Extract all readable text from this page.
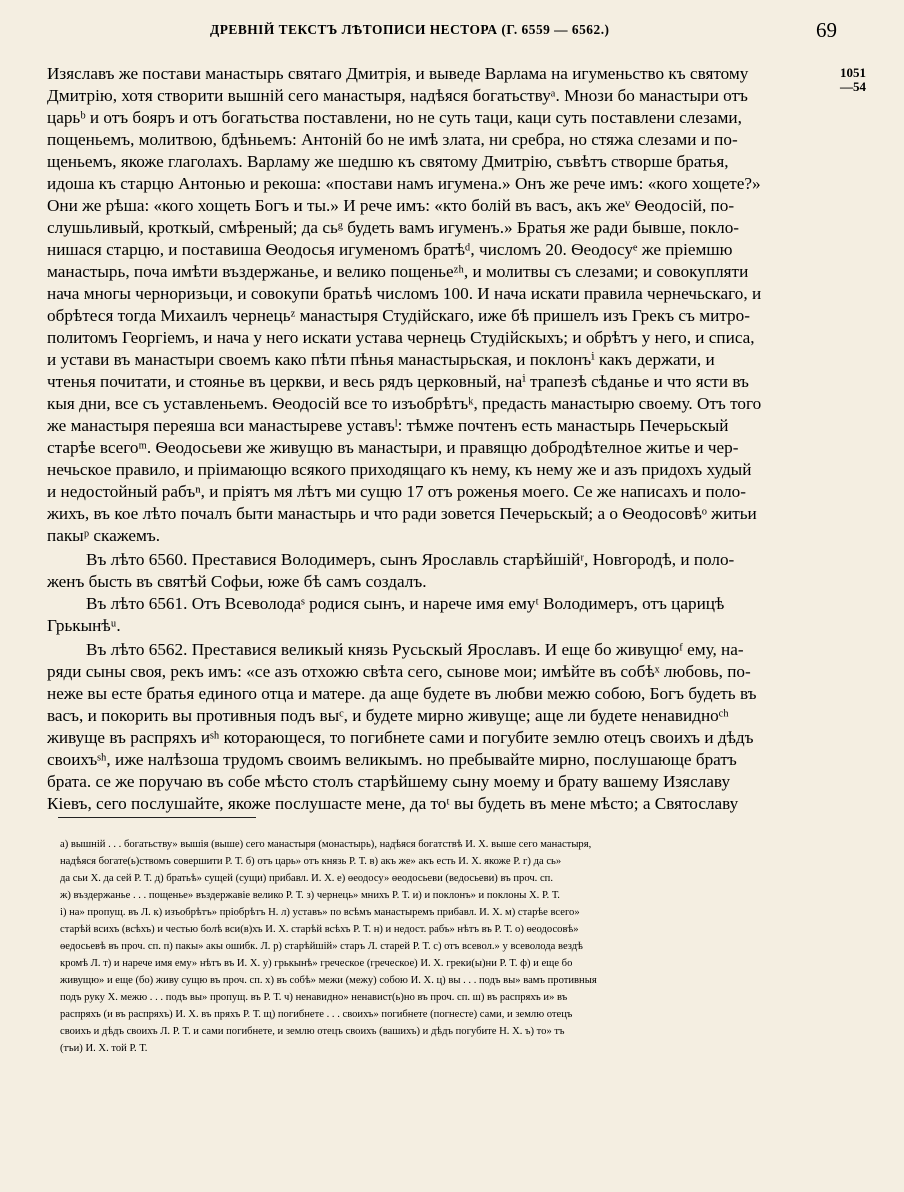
ДРЕВНІЙ ТЕКСТЪ ЛѢТОПИСИ НЕСТОРА (Г. 6559 — 6562.)	69
1051
—54
Изяславъ же постави манастырь святаго Дмитрія, и выведе Варлама на игуменьство къ святому
Дмитрію, хотя створити вышній сего манастыря, надѣяся богатьствуᵃ. Мнози бо манастыри отъ
царьᵇ и отъ бояръ и отъ богатьства поставлени, но не суть таци, каци суть поставлени слезами,
пощеньемъ, молитвою, бдѣньемъ: Антоній бо не имѣ злата, ни сребра, но стяжа слезами и по-
щеньемъ, якоже глаголахъ. Варламу же шедшю къ святому Дмитрію, съвѣтъ створше братья,
идоша къ старцю Антонью и рекоша: «постави намъ игумена.» Онъ же рече имъ: «кого хощете?»
Они же рѣша: «кого хощеть Богъ и ты.» И рече имъ: «кто болій въ васъ, акъ жеᵛ Ѳеодосій, по-
слушьливый, кроткый, смѣреный; да сьᵍ будеть вамъ игуменъ.» Братья же ради бывше, покло-
нишася старцю, и поставиша Ѳеодосья игуменомъ братѣᵈ, числомъ 20. Ѳеодосуᵉ же пріемшю
манастырь, поча имѣти въздержанье, и велико пощеньеᶻʰ, и молитвы съ слезами; и совокупляти
нача многы черноризьци, и совокупи братьѣ числомъ 100. И нача искати правила чернечьскаго, и
обрѣтеся тогда Михаилъ чернецьᶻ манастыря Студійскаго, иже бѣ пришелъ изъ Грекъ съ митро-
политомъ Георгіемъ, и нача у него искати устава чернець Студійскыхъ; и обрѣтъ у него, и списа,
и устави въ манастыри своемъ како пѣти пѣнья манастырьская, и поклонъⁱ какъ держати, и
чтенья почитати, и стоянье въ церкви, и весь рядъ церковный, наⁱ трапезѣ сѣданье и что ясти въ
кыя дни, все съ уставленьемъ. Ѳеодосій все то изъобрѣтъᵏ, предасть манастырю своему. Отъ того
же манастыря переяша вси манастыреве уставъˡ: тѣмже почтенъ есть манастырь Печерьскый
старѣе всегоᵐ. Ѳеодосьеви же живущю въ манастыри, и правящю добродѣтелное житье и чер-
нечьское правило, и пріимающю всякого приходящаго къ нему, къ нему же и азъ придохъ худый
и недостойный рабъⁿ, и пріятъ мя лѣтъ ми сущю 17 отъ роженья моего. Се же написахъ и поло-
жихъ, въ кое лѣто почалъ быти манастырь и что ради зовется Печерьскый; а о Ѳеодосовѣᵒ житьи
пакыᵖ скажемъ.
Въ лѣто 6560. Преставися Володимеръ, сынъ Ярославль старѣйшійʳ, Новгородѣ, и поло-
женъ бысть въ святѣй Софьи, юже бѣ самъ создалъ.
Въ лѣто 6561. Отъ Всеволодаˢ родися сынъ, и нарече имя емуᵗ Володимеръ, отъ царицѣ
Грькынѣᵘ.
Въ лѣто 6562. Преставися великый князь Русьскый Ярославъ. И еще бо живущюᶠ ему, на-
ряди сыны своя, рекъ имъ: «се азъ отхожю свѣта сего, сынове мои; имѣйте въ собѣˣ любовь, по-
неже вы есте братья единого отца и матере. да аще будете въ любви межю собою, Богъ будеть въ
васъ, и покорить вы противныя подъ выᶜ, и будете мирно живуще; аще ли будете ненавидноᶜʰ
живуще въ распряхъ иˢʰ которающеся, то погибнете сами и погубите землю отецъ своихъ и дѣдъ
своихъˢʰ, иже налѣзоша трудомъ своимъ великымъ. но пребывайте мирно, послушающе братъ
брата. се же поручаю въ собе мѣсто столъ старѣйшему сыну моему и брату вашему Изяславу
Кіевъ, сего послушайте, якоже послушасте мене, да тоᵗ вы будеть въ мене мѣсто; а Святославу
а) вышній . . . богатьству» вышія (выше) сего манастыря (монастырь), надѣяся богатствѣ И. Х. выше сего манастыря,
надѣяся богате(ь)ствомъ совершити Р. Т. б) отъ царь» отъ князь Р. Т. в) акъ же» акъ есть И. Х. якоже Р. г) да сь»
да сьи Х. да сей Р. Т. д) братьѣ» сущей (сущи) прибавл. И. Х. е) ѳеодосу» ѳеодосьеви (ведосьеви) въ проч. сп.
ж) въздержанье . . . пощенье» въздержавіе велико Р. Т. з) чернець» мнихъ Р. Т. и) и поклонъ» и поклоны Х. Р. Т.
і) на» пропущ. въ Л. к) изъобрѣтъ» пріобрѣтъ Н. л) уставъ» по всѣмъ манастыремъ прибавл. И. Х. м) старѣе всего»
старѣй всихъ (всѣхъ) и честью болѣ вси(в)хъ И. Х. старѣй всѣхъ Р. Т. н) и недост. рабъ» нѣтъ въ Р. Т. о) ѳеодосовѣ»
ѳедосьевѣ въ проч. сп. п) пакы» акы ошибк. Л. р) старѣйшій» старъ Л. старей Р. Т. с) отъ всевол.» у всеволода вездѣ
кромѣ Л. т) и нарече имя ему» нѣтъ въ И. Х. у) грькынѣ» греческое (греческое) И. Х. греки(ы)ни Р. Т. ф) и еще бо
живущю» и еще (бо) живу сущю въ проч. сп. х) въ собѣ» межи (межу) собою И. Х. ц) вы . . . подъ вы» вамъ противныя
подъ руку Х. межю . . . подъ вы» пропущ. въ Р. Т. ч) ненавидно» ненавист(ь)но въ проч. сп. ш) въ распряхъ и» въ
распряхъ (и въ распряхъ) И. Х. въ пряхъ Р. Т. щ) погибнете . . . своихъ» погибнете (погнесте) сами, и землю отецъ
своихъ и дѣдъ своихъ Л. Р. Т. и сами погибнете, и землю отецъ своихъ (вашихъ) и дѣдъ погубите Н. Х. ъ) то» тъ
(тъи) И. Х. той Р. Т.
